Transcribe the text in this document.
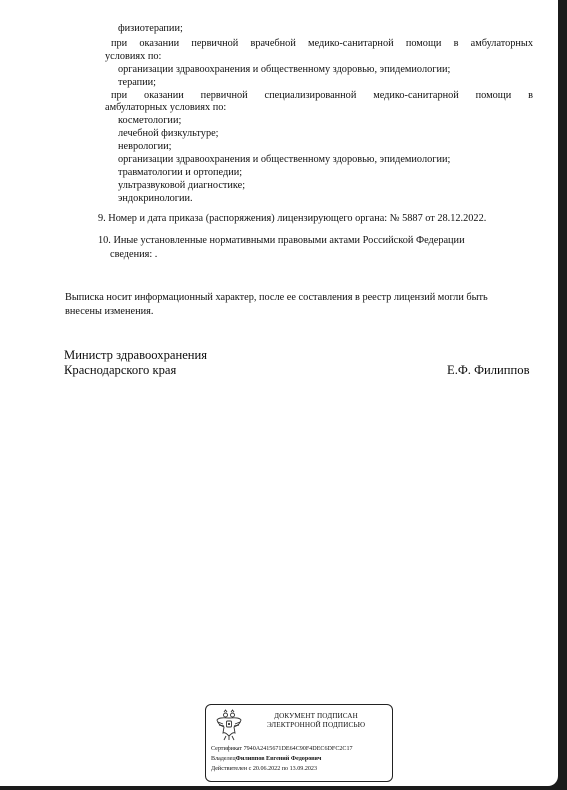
физиотерапии;
при оказании первичной врачебной медико-санитарной помощи в амбулаторных
условиях по:
организации здравоохранения и общественному здоровью, эпидемиологии;
терапии;
при оказании первичной специализированной медико-санитарной помощи в
амбулаторных условиях по:
косметологии;
лечебной физкультуре;
неврологии;
организации здравоохранения и общественному здоровью, эпидемиологии;
травматологии и ортопедии;
ультразвуковой диагностике;
эндокринологии.
9. Номер и дата приказа (распоряжения) лицензирующего органа: № 5887 от 28.12.2022.
10. Иные установленные нормативными правовыми актами Российской Федерации
сведения: .
Выписка носит информационный характер, после ее составления в реестр лицензий могли быть
внесены изменения.
Министр здравоохранения
Краснодарского края	Е.Ф. Филиппов
ДОКУМЕНТ ПОДПИСАН
ЭЛЕКТРОННОЙ ПОДПИСЬЮ
Сертификат 7940A2415671DE64C90F4DEC6DFC2C17
ВладелецФилиппов Евгений Федорович
Действителен с 20.06.2022 по 13.09.2023
